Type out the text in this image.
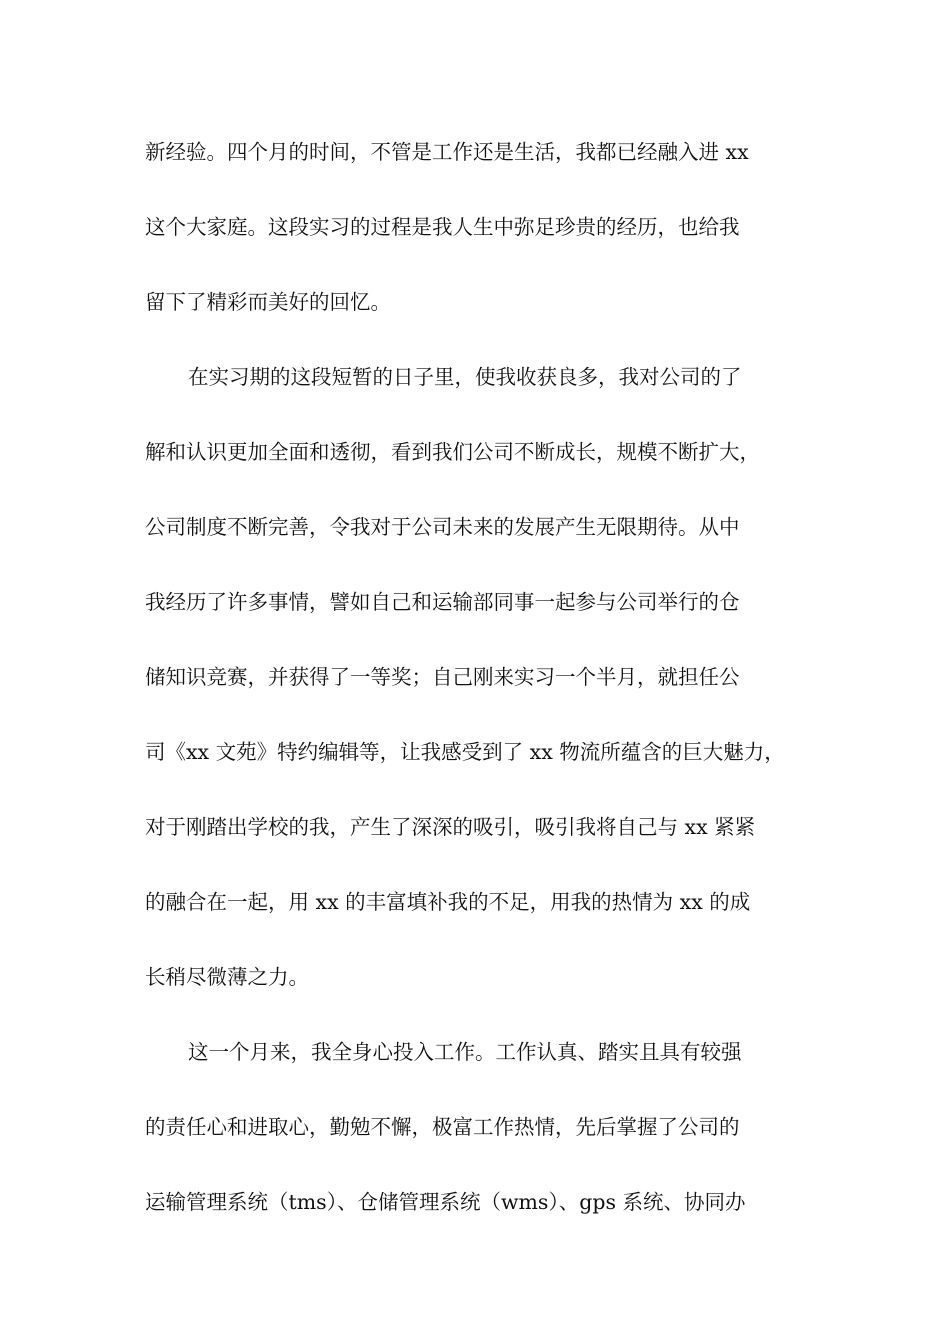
新经验。四个月的时间，不管是工作还是生活，我都已经融入进 xx
这个大家庭。这段实习的过程是我人生中弥足珍贵的经历，也给我
留下了精彩而美好的回忆。
在实习期的这段短暂的日子里，使我收获良多，我对公司的了
解和认识更加全面和透彻，看到我们公司不断成长，规模不断扩大，
公司制度不断完善，令我对于公司未来的发展产生无限期待。从中
我经历了许多事情，譬如自己和运输部同事一起参与公司举行的仓
储知识竞赛，并获得了一等奖；自己刚来实习一个半月，就担任公
司《xx 文苑》特约编辑等，让我感受到了 xx 物流所蕴含的巨大魅力，
对于刚踏出学校的我，产生了深深的吸引，吸引我将自己与 xx 紧紧
的融合在一起，用 xx 的丰富填补我的不足，用我的热情为 xx 的成
长稍尽微薄之力。
这一个月来，我全身心投入工作。工作认真、踏实且具有较强
的责任心和进取心，勤勉不懈，极富工作热情，先后掌握了公司的
运输管理系统（tms）、仓储管理系统（wms）、gps 系统、协同办
